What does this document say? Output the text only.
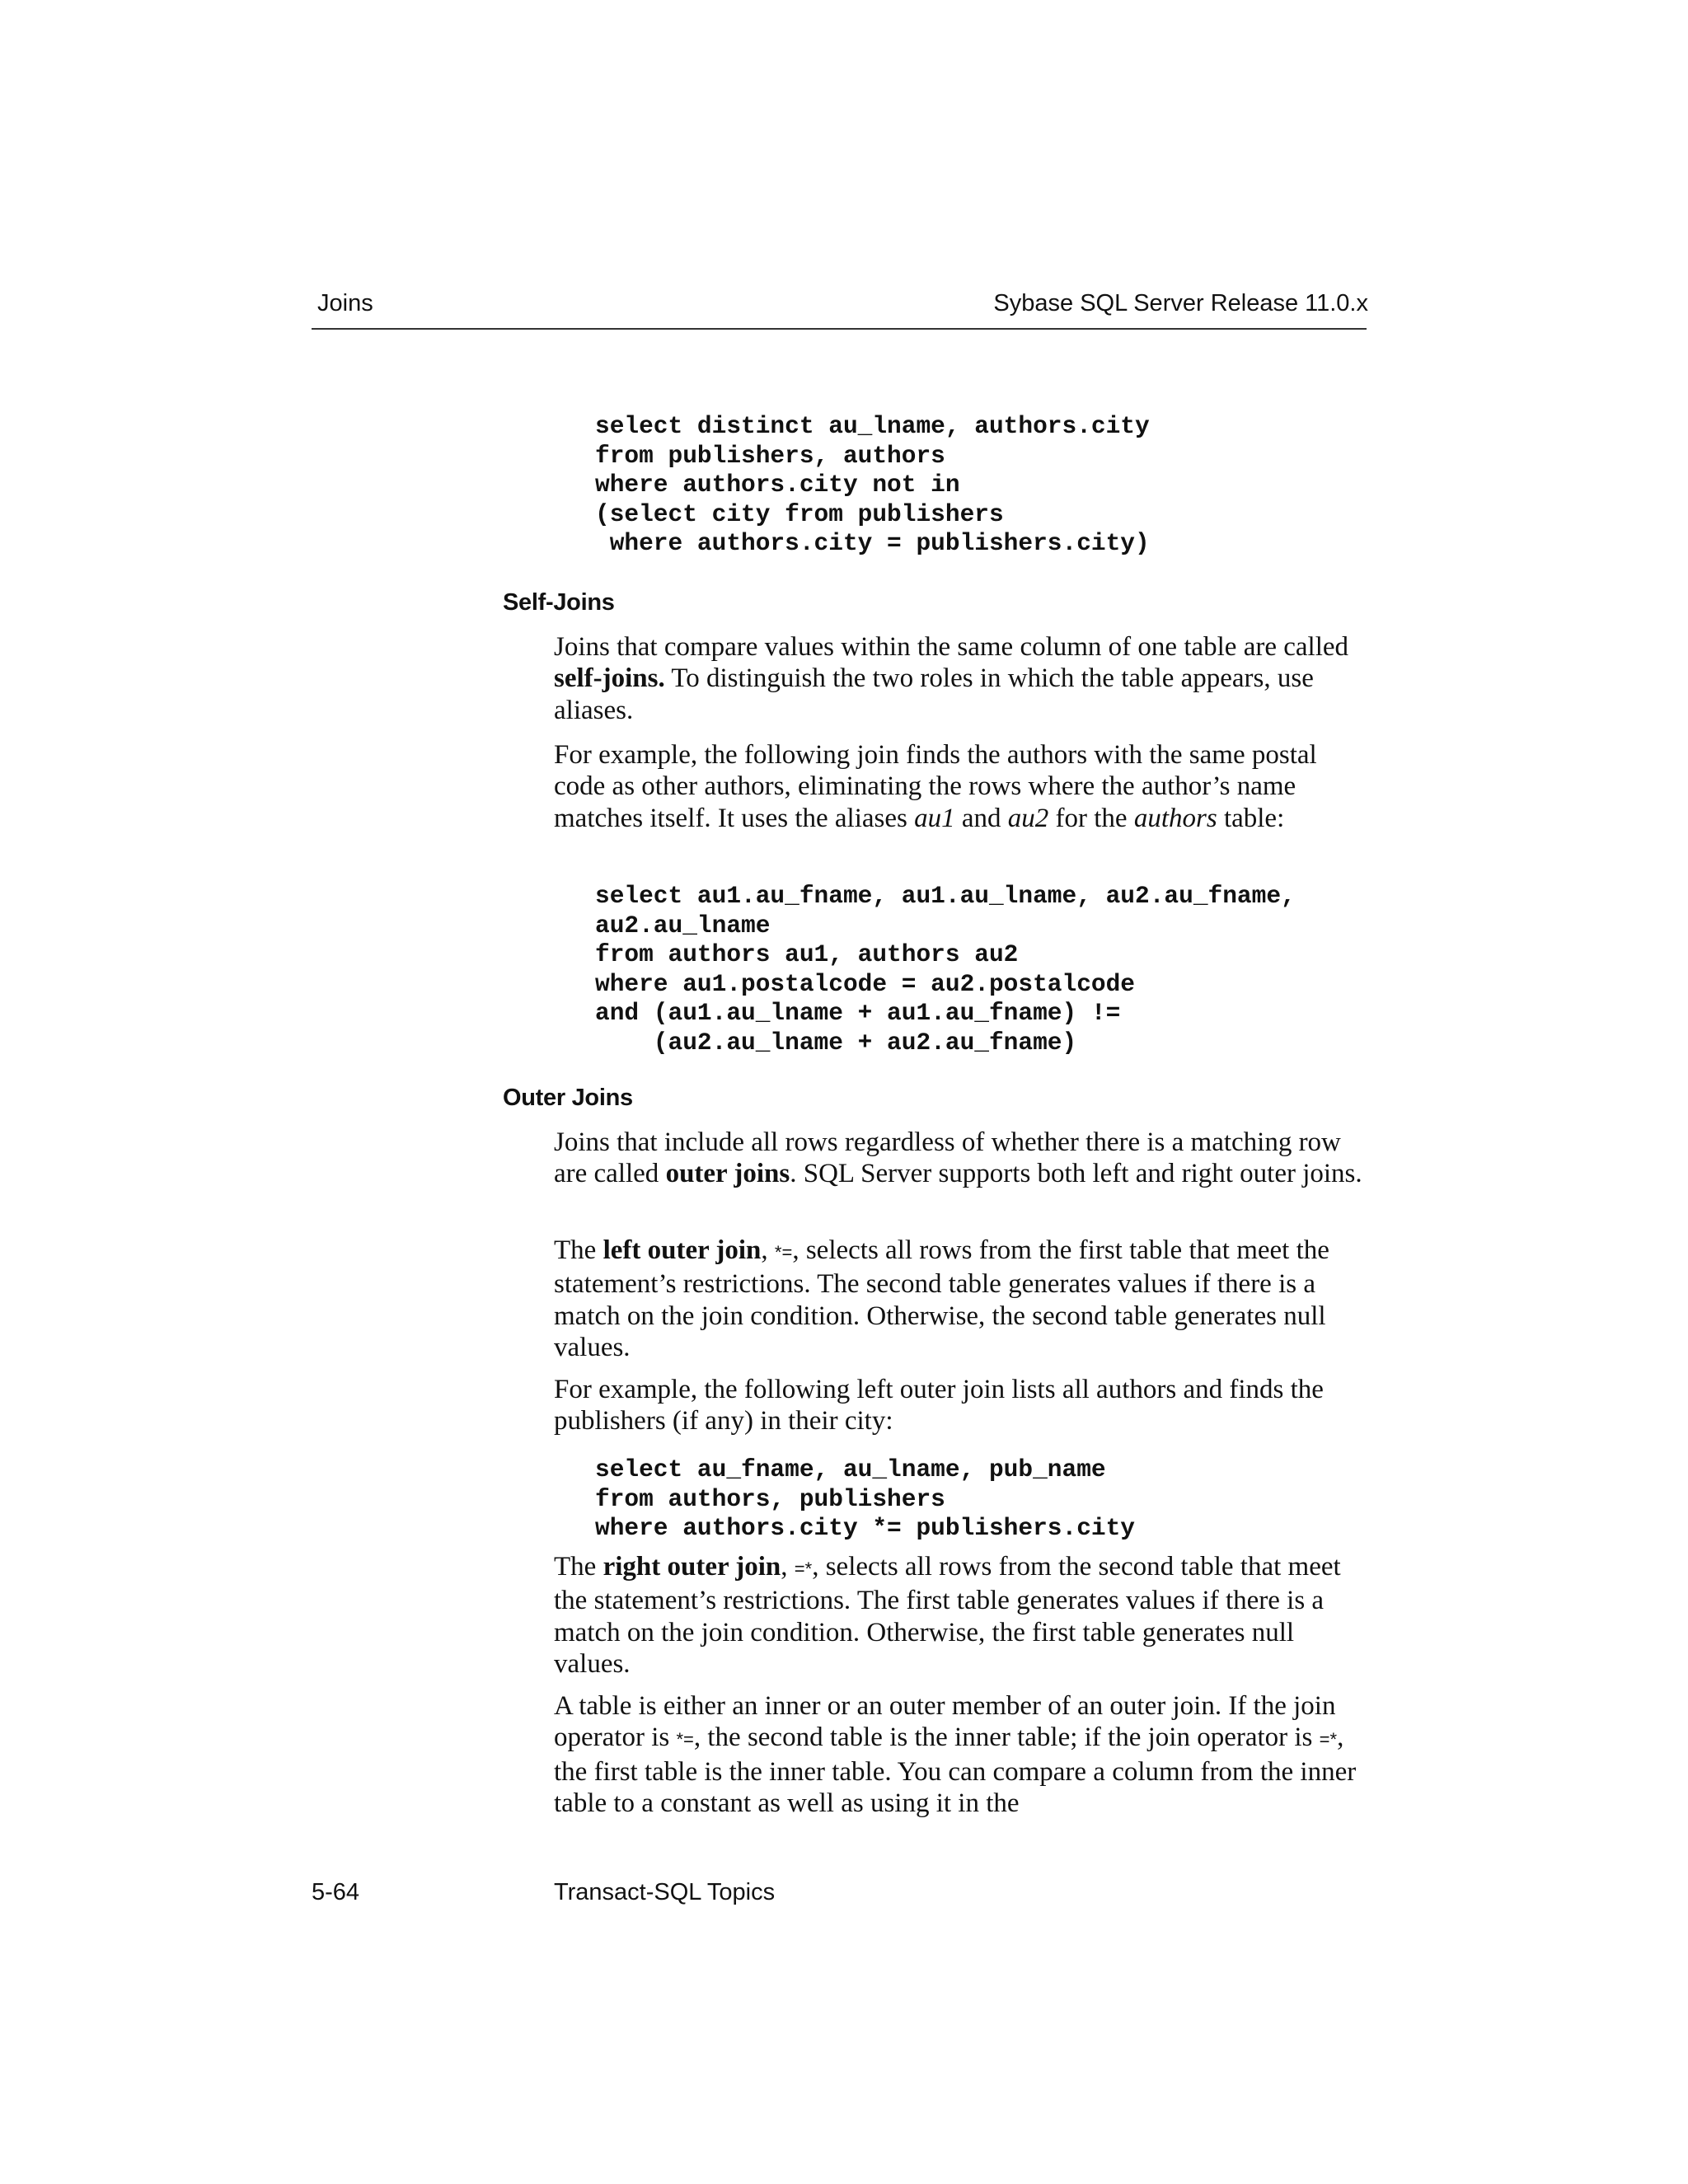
Joins	Sybase SQL Server Release 11.0.x
select distinct au_lname, authors.city
from publishers, authors
where authors.city not in
(select city from publishers
where authors.city = publishers.city)
Self-Joins

Joins that compare values within the same column of one table are called self-joins. To distinguish the two roles in which the table appears, use aliases.

For example, the following join finds the authors with the same postal code as other authors, eliminating the rows where the author’s name matches itself. It uses the aliases au1 and au2 for the authors table:

select au1.au_fname, au1.au_lname, au2.au_fname,
au2.au_lname
from authors au1, authors au2
where au1.postalcode = au2.postalcode
and (au1.au_lname + au1.au_fname) !=
(au2.au_lname + au2.au_fname)
Outer Joins

Joins that include all rows regardless of whether there is a matching row are called outer joins. SQL Server supports both left and right outer joins.

The left outer join, *=, selects all rows from the first table that meet the statement’s restrictions. The second table generates values if there is a match on the join condition. Otherwise, the second table generates null values.

For example, the following left outer join lists all authors and finds the publishers (if any) in their city:

select au_fname, au_lname, pub_name
from authors, publishers
where authors.city *= publishers.city

The right outer join, =*, selects all rows from the second table that meet the statement’s restrictions. The first table generates values if there is a match on the join condition. Otherwise, the first table generates null values.

A table is either an inner or an outer member of an outer join. If the join operator is *=, the second table is the inner table; if the join operator is =*, the first table is the inner table. You can compare a column from the inner table to a constant as well as using it in the

5-64	Transact-SQL Topics
